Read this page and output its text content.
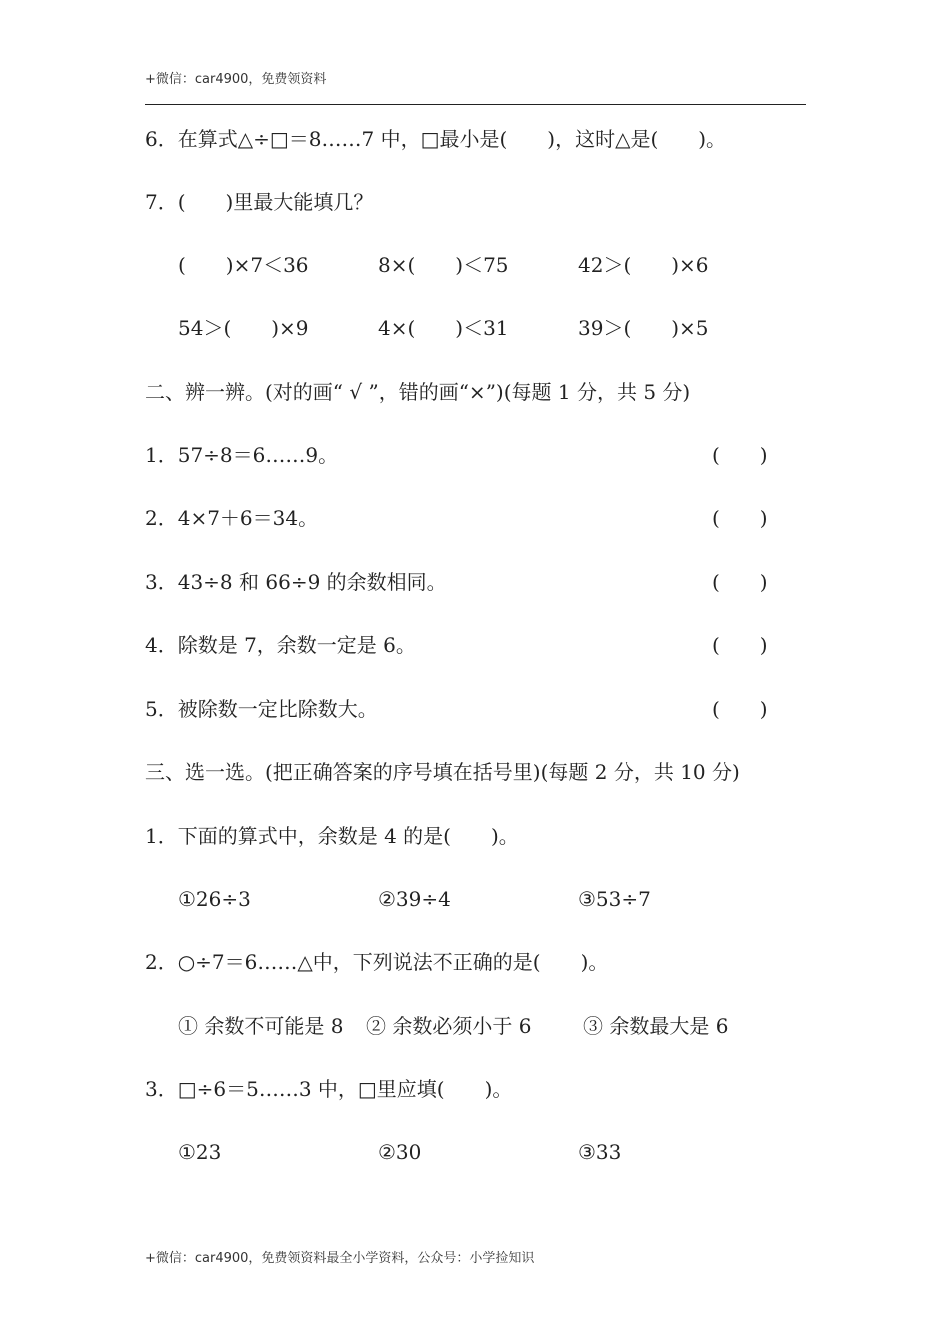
+微信：car4900，免费领资料
6．在算式△÷□＝8……7 中，□最小是(　　)，这时△是(　　)。
7．(　　)里最大能填几？
(　　)×7＜36	8×(　　)＜75	42＞(　　)×6
54＞(　　)×9	4×(　　)＜31	39＞(　　)×5
二、辨一辨。(对的画“ √ ”，错的画“×”)(每题 1 分，共 5 分)
1．57÷8＝6……9。	(　　)
2．4×7＋6＝34。	(　　)
3．43÷8 和 66÷9 的余数相同。	(　　)
4．除数是 7，余数一定是 6。	(　　)
5．被除数一定比除数大。	(　　)
三、选一选。(把正确答案的序号填在括号里)(每题 2 分，共 10 分)
1．下面的算式中，余数是 4 的是(　　)。
①26÷3	②39÷4	③53÷7
2．○÷7＝6……△中，下列说法不正确的是(　　)。
① 余数不可能是 8 ② 余数必须小于 6	③ 余数最大是 6
3．□÷6＝5……3 中，□里应填(　　)。
①23	②30	③33
+微信：car4900，免费领资料最全小学资料，公众号：小学捡知识
